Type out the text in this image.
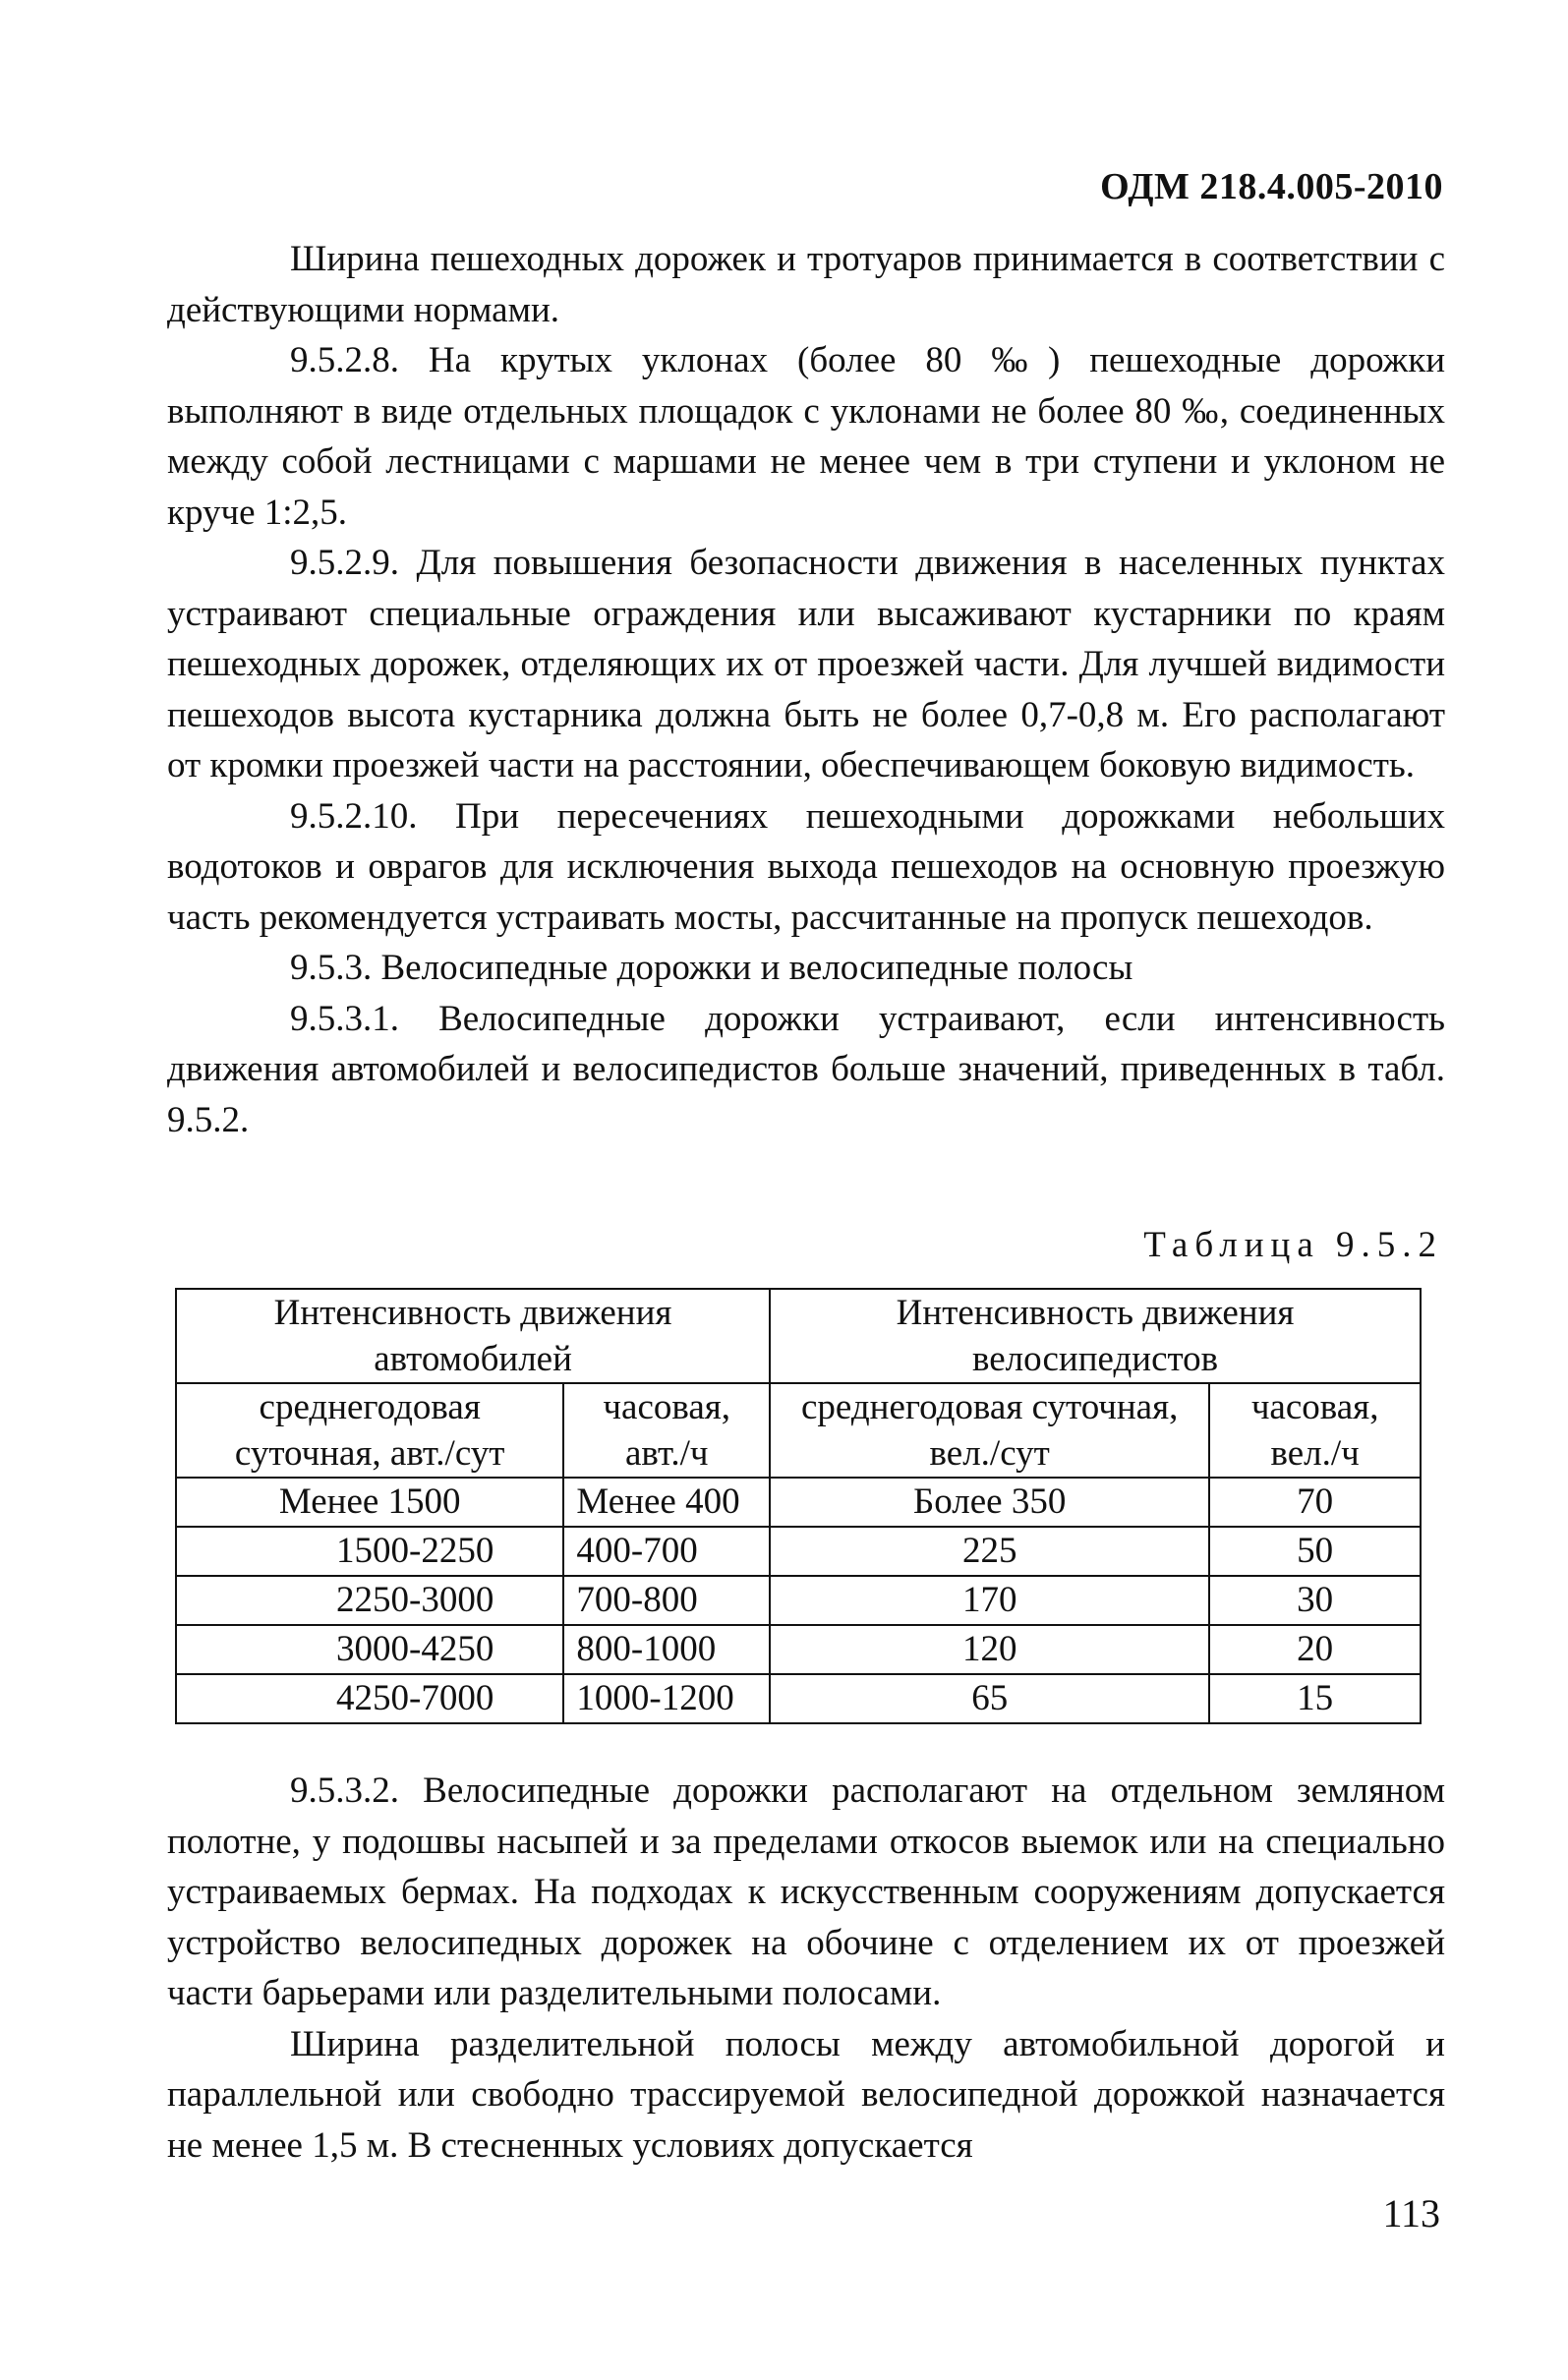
ОДМ 218.4.005-2010

Ширина пешеходных дорожек и тротуаров принимается в соответствии с действующими нормами.

9.5.2.8. На крутых уклонах (более 80 ‰) пешеходные дорожки выполняют в виде отдельных площадок с уклонами не более 80 ‰, соединенных между собой лестницами с маршами не менее чем в три ступени и уклоном не круче 1:2,5.

9.5.2.9. Для повышения безопасности движения в населенных пунктах устраивают специальные ограждения или высаживают кустарники по краям пешеходных дорожек, отделяющих их от проезжей части. Для лучшей видимости пешеходов высота кустарника должна быть не более 0,7-0,8 м. Его располагают от кромки проезжей части на расстоянии, обеспечивающем боковую видимость.

9.5.2.10. При пересечениях пешеходными дорожками небольших водотоков и оврагов для исключения выхода пешеходов на основную проезжую часть рекомендуется устраивать мосты, рассчитанные на пропуск пешеходов.

9.5.3. Велосипедные дорожки и велосипедные полосы

9.5.3.1. Велосипедные дорожки устраивают, если интенсивность движения автомобилей и велосипедистов больше значений, приведенных в табл. 9.5.2.

Таблица 9.5.2
Интенсивность движения автомобилей		Интенсивность движения велосипедистов	
среднегодовая суточная, авт./сут	часовая, авт./ч	среднегодовая суточная, вел./сут	часовая, вел./ч
Менее 1500	Менее 400	Более 350	70
1500-2250	400-700	225	50
2250-3000	700-800	170	30
3000-4250	800-1000	120	20
4250-7000	1000-1200	65	15

9.5.3.2. Велосипедные дорожки располагают на отдельном земляном полотне, у подошвы насыпей и за пределами откосов выемок или на специально устраиваемых бермах. На подходах к искусственным сооружениям допускается устройство велосипедных дорожек на обочине с отделением их от проезжей части барьерами или разделительными полосами.

Ширина разделительной полосы между автомобильной дорогой и параллельной или свободно трассируемой велосипедной дорожкой назначается не менее 1,5 м. В стесненных условиях допускается

113
